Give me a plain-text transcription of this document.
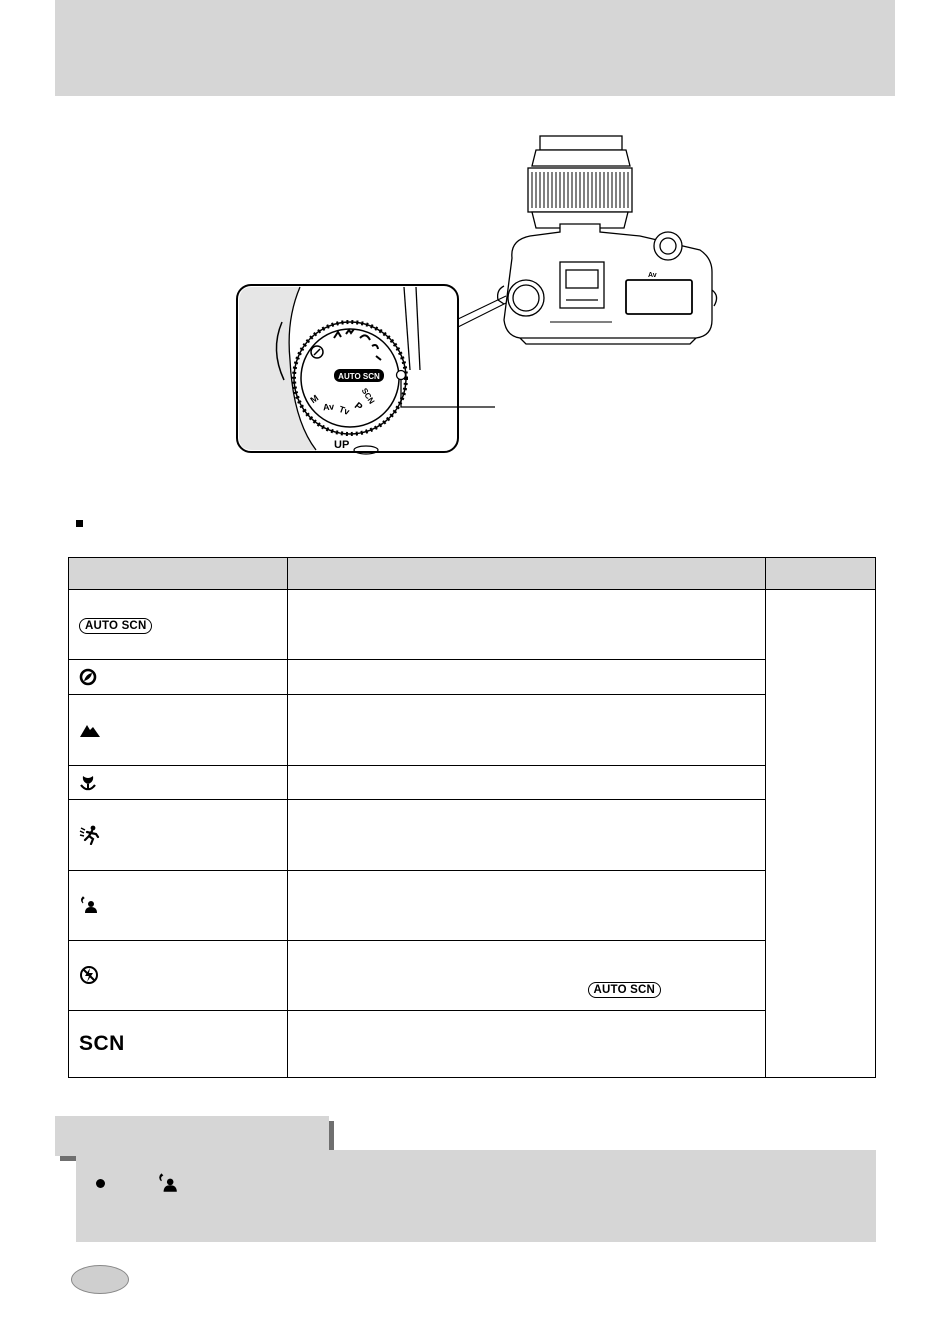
Av
AUTO SCN
SCN
P
Tv
Av
M
UP

AUTO SCN		

AUTO SCN	

SCN		
